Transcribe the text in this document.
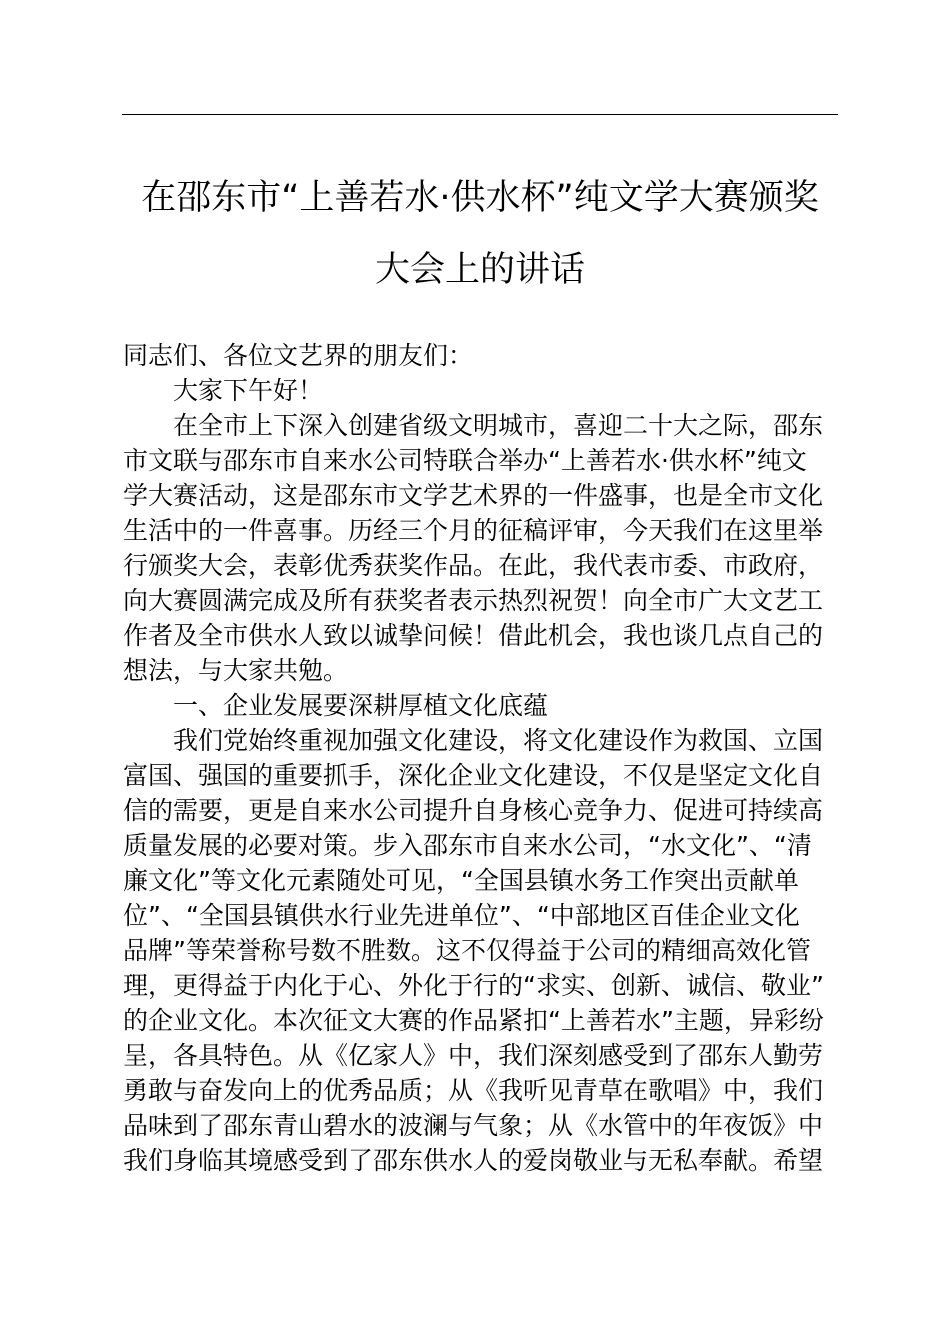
在邵东市“上善若水·供水杯”纯文学大赛颁奖
大会上的讲话
同志们、各位文艺界的朋友们：
大家下午好！
在全市上下深入创建省级文明城市，喜迎二十大之际，邵东
市文联与邵东市自来水公司特联合举办“上善若水·供水杯”纯文
学大赛活动，这是邵东市文学艺术界的一件盛事，也是全市文化
生活中的一件喜事。历经三个月的征稿评审，今天我们在这里举
行颁奖大会，表彰优秀获奖作品。在此，我代表市委、市政府，
向大赛圆满完成及所有获奖者表示热烈祝贺！向全市广大文艺工
作者及全市供水人致以诚挚问候！借此机会，我也谈几点自己的
想法，与大家共勉。
一、企业发展要深耕厚植文化底蕴
我们党始终重视加强文化建设，将文化建设作为救国、立国
富国、强国的重要抓手，深化企业文化建设，不仅是坚定文化自
信的需要，更是自来水公司提升自身核心竞争力、促进可持续高
质量发展的必要对策。步入邵东市自来水公司，“水文化”、“清
廉文化”等文化元素随处可见，“全国县镇水务工作突出贡献单
位”、“全国县镇供水行业先进单位”、“中部地区百佳企业文化
品牌”等荣誉称号数不胜数。这不仅得益于公司的精细高效化管
理，更得益于内化于心、外化于行的“求实、创新、诚信、敬业”
的企业文化。本次征文大赛的作品紧扣“上善若水”主题，异彩纷
呈，各具特色。从《亿家人》中，我们深刻感受到了邵东人勤劳
勇敢与奋发向上的优秀品质；从《我听见青草在歌唱》中，我们
品味到了邵东青山碧水的波澜与气象；从《水管中的年夜饭》中
我们身临其境感受到了邵东供水人的爱岗敬业与无私奉献。希望
